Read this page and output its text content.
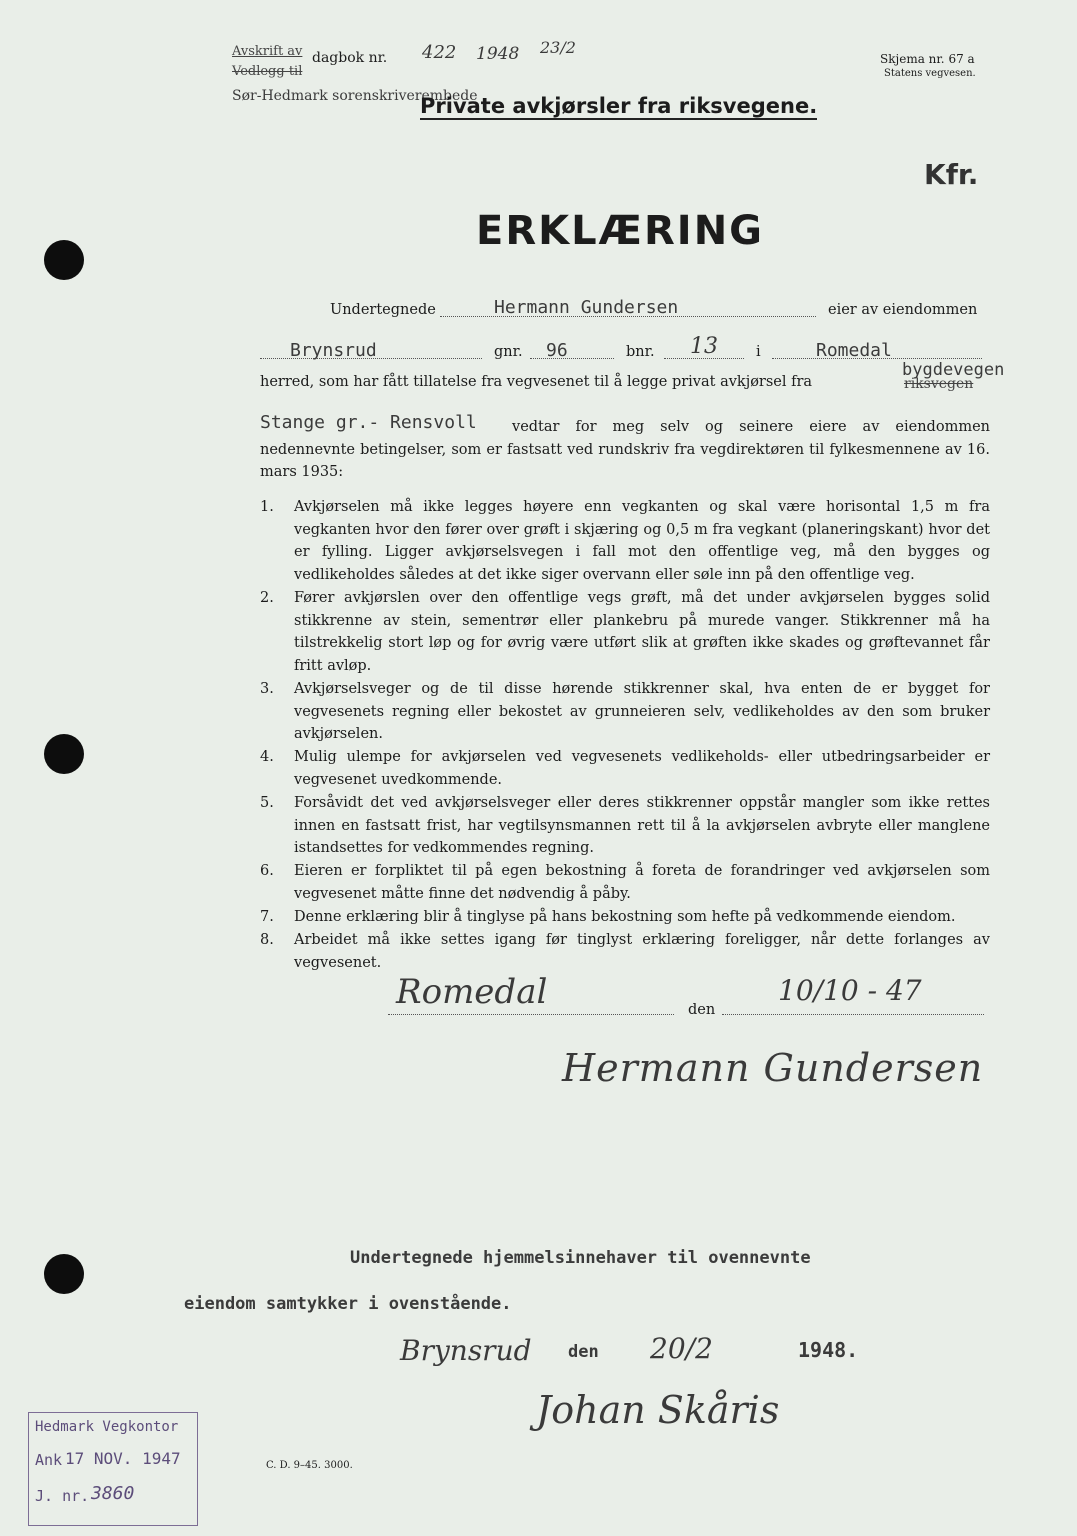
Avskrift av
Vedlegg til
dagbok nr. 422 1948 23/2
Sør-Hedmark sorenskriverembede
Skjema nr. 67 a
Statens vegvesen.
Private avkjørsler fra riksvegene.
Kfr.
ERKLÆRING
Undertegnede	Hermann Gundersen	eier av eiendommen
Brynsrud	gnr. 96	bnr. 13	i	Romedal
herred, som har fått tillatelse fra vegvesenet til å legge privat avkjørsel fra	riksvegen
bygdevegen
Stange gr.- Rensvoll	vedtar for meg selv og seinere eiere av eiendommen nedennevnte betingelser, som er fastsatt ved rundskriv fra vegdirektøren til fylkesmennene av 16. mars 1935:
1. Avkjørselen må ikke legges høyere enn vegkanten og skal være horisontal 1,5 m fra vegkanten hvor den fører over grøft i skjæring og 0,5 m fra vegkant (planeringskant) hvor det er fylling. Ligger avkjørselsvegen i fall mot den offentlige veg, må den bygges og vedlikeholdes således at det ikke siger overvann eller søle inn på den offentlige veg.
2. Fører avkjørslen over den offentlige vegs grøft, må det under avkjørselen bygges solid stikkrenne av stein, sementrør eller plankebru på murede vanger. Stikkrenner må ha tilstrekkelig stort løp og for øvrig være utført slik at grøften ikke skades og grøftevannet får fritt avløp.
3. Avkjørselsveger og de til disse hørende stikkrenner skal, hva enten de er bygget for vegvesenets regning eller bekostet av grunneieren selv, vedlikeholdes av den som bruker avkjørselen.
4. Mulig ulempe for avkjørselen ved vegvesenets vedlikeholds- eller utbedringsarbeider er vegvesenet uvedkommende.
5. Forsåvidt det ved avkjørselsveger eller deres stikkrenner oppstår mangler som ikke rettes innen en fastsatt frist, har vegtilsynsmannen rett til å la avkjørselen avbryte eller manglene istandsettes for vedkommendes regning.
6. Eieren er forpliktet til på egen bekostning å foreta de forandringer ved avkjørselen som vegvesenet måtte finne det nødvendig å påby.
7. Denne erklæring blir å tinglyse på hans bekostning som hefte på vedkommende eiendom.
8. Arbeidet må ikke settes igang før tinglyst erklæring foreligger, når dette forlanges av vegvesenet.
Romedal	den
10/10 - 47
Hermann Gundersen
Undertegnede hjemmelsinnehaver til ovennevnte
eiendom samtykker i ovenstående.
Brynsrud den 20/2	1948.
Johan Skåris
Hedmark Vegkontor
Ank 17 NOV. 1947
J. nr. 3860
C. D. 9–45. 3000.
